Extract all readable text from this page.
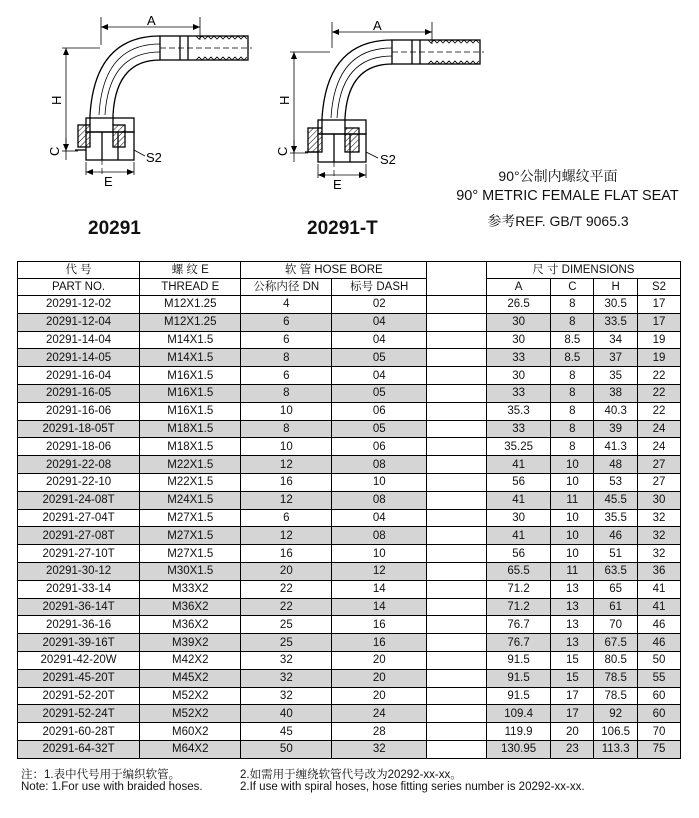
A
H
C
E
S2
A
H
C
E
S2
20291	20291-T
90°公制内螺纹平面
90° METRIC FEMALE FLAT SEAT
参考REF. GB/T 9065.3
代 号	螺 纹 E	软 管 HOSE BORE			尺 寸 DIMENSIONS			
PART NO.	THREAD E	公称内径 DN	标号 DASH		A	C	H	S2
20291-12-02	M12X1.25	4	02		26.5	8	30.5	17
20291-12-04	M12X1.25	6	04		30	8	33.5	17
20291-14-04	M14X1.5	6	04		30	8.5	34	19
20291-14-05	M14X1.5	8	05		33	8.5	37	19
20291-16-04	M16X1.5	6	04		30	8	35	22
20291-16-05	M16X1.5	8	05		33	8	38	22
20291-16-06	M16X1.5	10	06		35.3	8	40.3	22
20291-18-05T	M18X1.5	8	05		33	8	39	24
20291-18-06	M18X1.5	10	06		35.25	8	41.3	24
20291-22-08	M22X1.5	12	08		41	10	48	27
20291-22-10	M22X1.5	16	10		56	10	53	27
20291-24-08T	M24X1.5	12	08		41	11	45.5	30
20291-27-04T	M27X1.5	6	04		30	10	35.5	32
20291-27-08T	M27X1.5	12	08		41	10	46	32
20291-27-10T	M27X1.5	16	10		56	10	51	32
20291-30-12	M30X1.5	20	12		65.5	11	63.5	36
20291-33-14	M33X2	22	14		71.2	13	65	41
20291-36-14T	M36X2	22	14		71.2	13	61	41
20291-36-16	M36X2	25	16		76.7	13	70	46
20291-39-16T	M39X2	25	16		76.7	13	67.5	46
20291-42-20W	M42X2	32	20		91.5	15	80.5	50
20291-45-20T	M45X2	32	20		91.5	15	78.5	55
20291-52-20T	M52X2	32	20		91.5	17	78.5	60
20291-52-24T	M52X2	40	24		109.4	17	92	60
20291-60-28T	M60X2	45	28		119.9	20	106.5	70
20291-64-32T	M64X2	50	32		130.95	23	113.3	75
注：1.表中代号用于编织软管。	2.如需用于缠绕软管代号改为20292-xx-xx。
Note: 1.For use with braided hoses.	2.If use with spiral hoses, hose fitting series number is 20292-xx-xx.
